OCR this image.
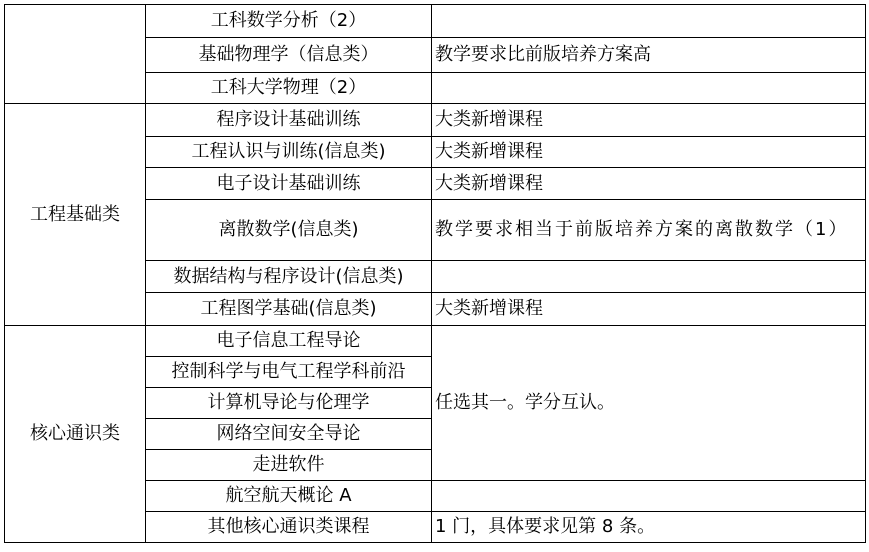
	工科数学分析（2）	
	基础物理学（信息类）	教学要求比前版培养方案高
	工科大学物理（2）	
工程基础类	程序设计基础训练	大类新增课程
	工程认识与训练(信息类)	大类新增课程
	电子设计基础训练	大类新增课程
	离散数学(信息类)	教学要求相当于前版培养方案的离散数学（1）
	数据结构与程序设计(信息类)	
	工程图学基础(信息类)	大类新增课程
核心通识类	电子信息工程导论	任选其一。学分互认。
	控制科学与电气工程学科前沿	
	计算机导论与伦理学	
	网络空间安全导论	
	走进软件	
	航空航天概论 A	
	其他核心通识类课程	1 门，具体要求见第 8 条。
